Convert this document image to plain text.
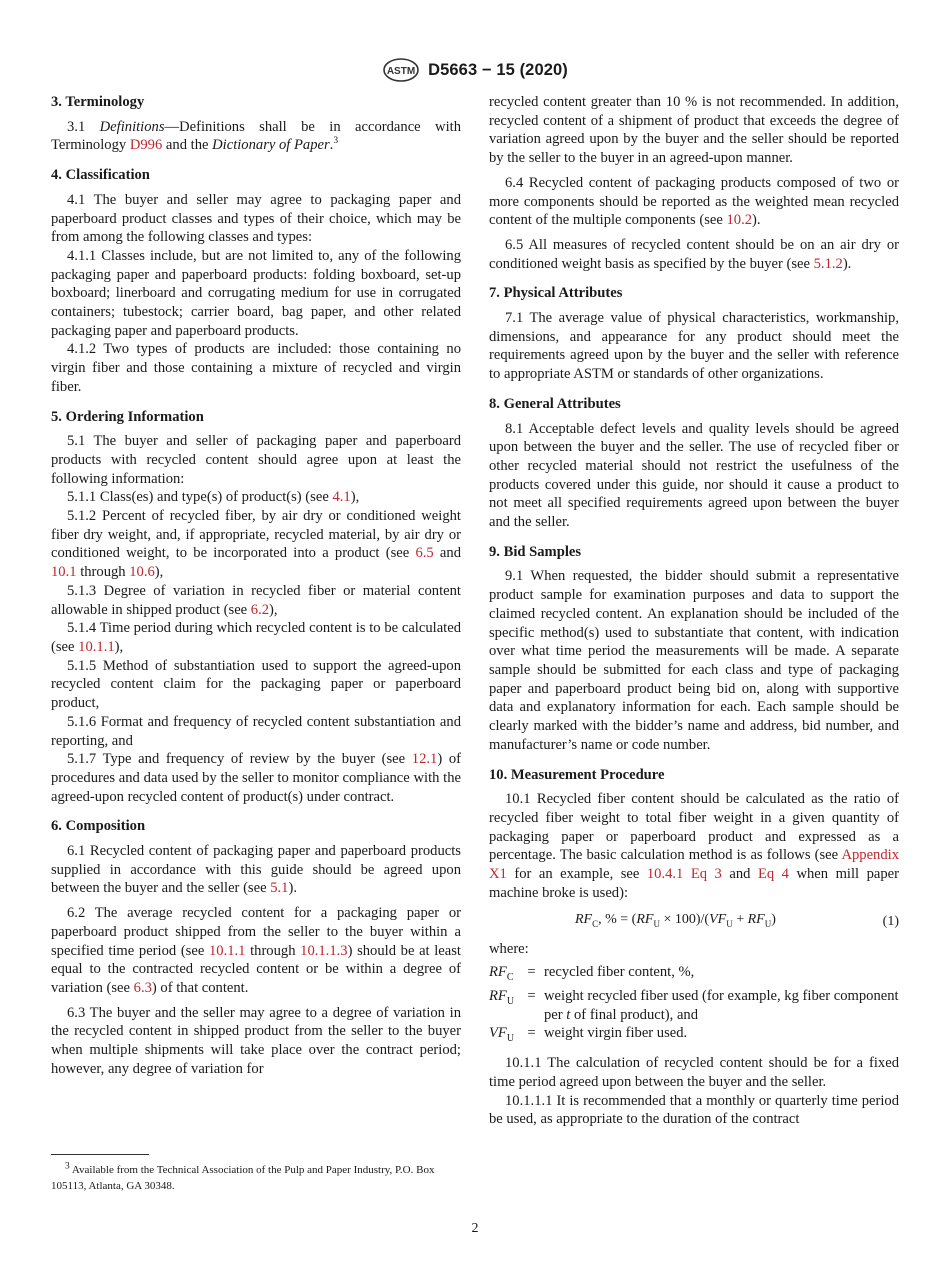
ASTM D5663 − 15 (2020)
3. Terminology

3.1 Definitions—Definitions shall be in accordance with Terminology D996 and the Dictionary of Paper.$^3$

4. Classification

4.1 The buyer and seller may agree to packaging paper and paperboard product classes and types of their choice, which may be from among the following classes and types:

4.1.1 Classes include, but are not limited to, any of the following packaging paper and paperboard products: folding boxboard, set-up boxboard; linerboard and corrugating medium for use in corrugated containers; tubestock; carrier board, bag paper, and other related packaging paper and paperboard products.

4.1.2 Two types of products are included: those containing no virgin fiber and those containing a mixture of recycled and virgin fiber.

5. Ordering Information

5.1 The buyer and seller of packaging paper and paperboard products with recycled content should agree upon at least the following information:

5.1.1 Class(es) and type(s) of product(s) (see 4.1),

5.1.2 Percent of recycled fiber, by air dry or conditioned weight fiber dry weight, and, if appropriate, recycled material, by air dry or conditioned weight, to be incorporated into a product (see 6.5 and 10.1 through 10.6),

5.1.3 Degree of variation in recycled fiber or material content allowable in shipped product (see 6.2),

5.1.4 Time period during which recycled content is to be calculated (see 10.1.1),

5.1.5 Method of substantiation used to support the agreed-upon recycled content claim for the packaging paper or paperboard product,

5.1.6 Format and frequency of recycled content substantiation and reporting, and

5.1.7 Type and frequency of review by the buyer (see 12.1) of procedures and data used by the seller to monitor compliance with the agreed-upon recycled content of product(s) under contract.

6. Composition

6.1 Recycled content of packaging paper and paperboard products supplied in accordance with this guide should be agreed upon between the buyer and the seller (see 5.1).

6.2 The average recycled content for a packaging paper or paperboard product shipped from the seller to the buyer within a specified time period (see 10.1.1 through 10.1.1.3) should be at least equal to the contracted recycled content or be within a degree of variation (see 6.3) of that content.

6.3 The buyer and the seller may agree to a degree of variation in the recycled content in shipped product from the seller to the buyer when multiple shipments will take place over the contract period; however, any degree of variation for

recycled content greater than 10 % is not recommended. In addition, recycled content of a shipment of product that exceeds the degree of variation agreed upon by the buyer and the seller should be reported by the seller to the buyer in an agreed-upon manner.

6.4 Recycled content of packaging products composed of two or more components should be reported as the weighted mean recycled content of the multiple components (see 10.2).

6.5 All measures of recycled content should be on an air dry or conditioned weight basis as specified by the buyer (see 5.1.2).

7. Physical Attributes

7.1 The average value of physical characteristics, workmanship, dimensions, and appearance for any product should meet the requirements agreed upon by the buyer and the seller with reference to appropriate ASTM or standards of other organizations.

8. General Attributes

8.1 Acceptable defect levels and quality levels should be agreed upon between the buyer and the seller. The use of recycled fiber or other recycled material should not restrict the usefulness of the products covered under this guide, nor should it cause a product to not meet all specified requirements agreed upon between the buyer and the seller.

9. Bid Samples

9.1 When requested, the bidder should submit a representative product sample for examination purposes and data to support the claimed recycled content. An explanation should be included of the specific method(s) used to substantiate that content, with indication over what time period the measurements will be made. A separate sample should be submitted for each class and type of packaging paper and paperboard product being bid on, along with supportive data and explanatory information for each. Each sample should be clearly marked with the bidder’s name and address, bid number, and manufacturer’s name or code number.

10. Measurement Procedure

10.1 Recycled fiber content should be calculated as the ratio of recycled fiber weight to total fiber weight in a given quantity of packaging paper or paperboard product and expressed as a percentage. The basic calculation method is as follows (see Appendix X1 for an example, see 10.4.1 Eq 3 and Eq 4 when mill paper machine broke is used):

$RF_C$, % = $(RF_U \times 100)/(VF_U + RF_U)$	(1)

where:

$RF_C$ = recycled fiber content, %,
$RF_U$ = weight recycled fiber used (for example, kg fiber component per t of final product), and
$VF_U$ = weight virgin fiber used.

10.1.1 The calculation of recycled content should be for a fixed time period agreed upon between the buyer and the seller.

10.1.1.1 It is recommended that a monthly or quarterly time period be used, as appropriate to the duration of the contract

$^3$ Available from the Technical Association of the Pulp and Paper Industry, P.O. Box 105113, Atlanta, GA 30348.

2
